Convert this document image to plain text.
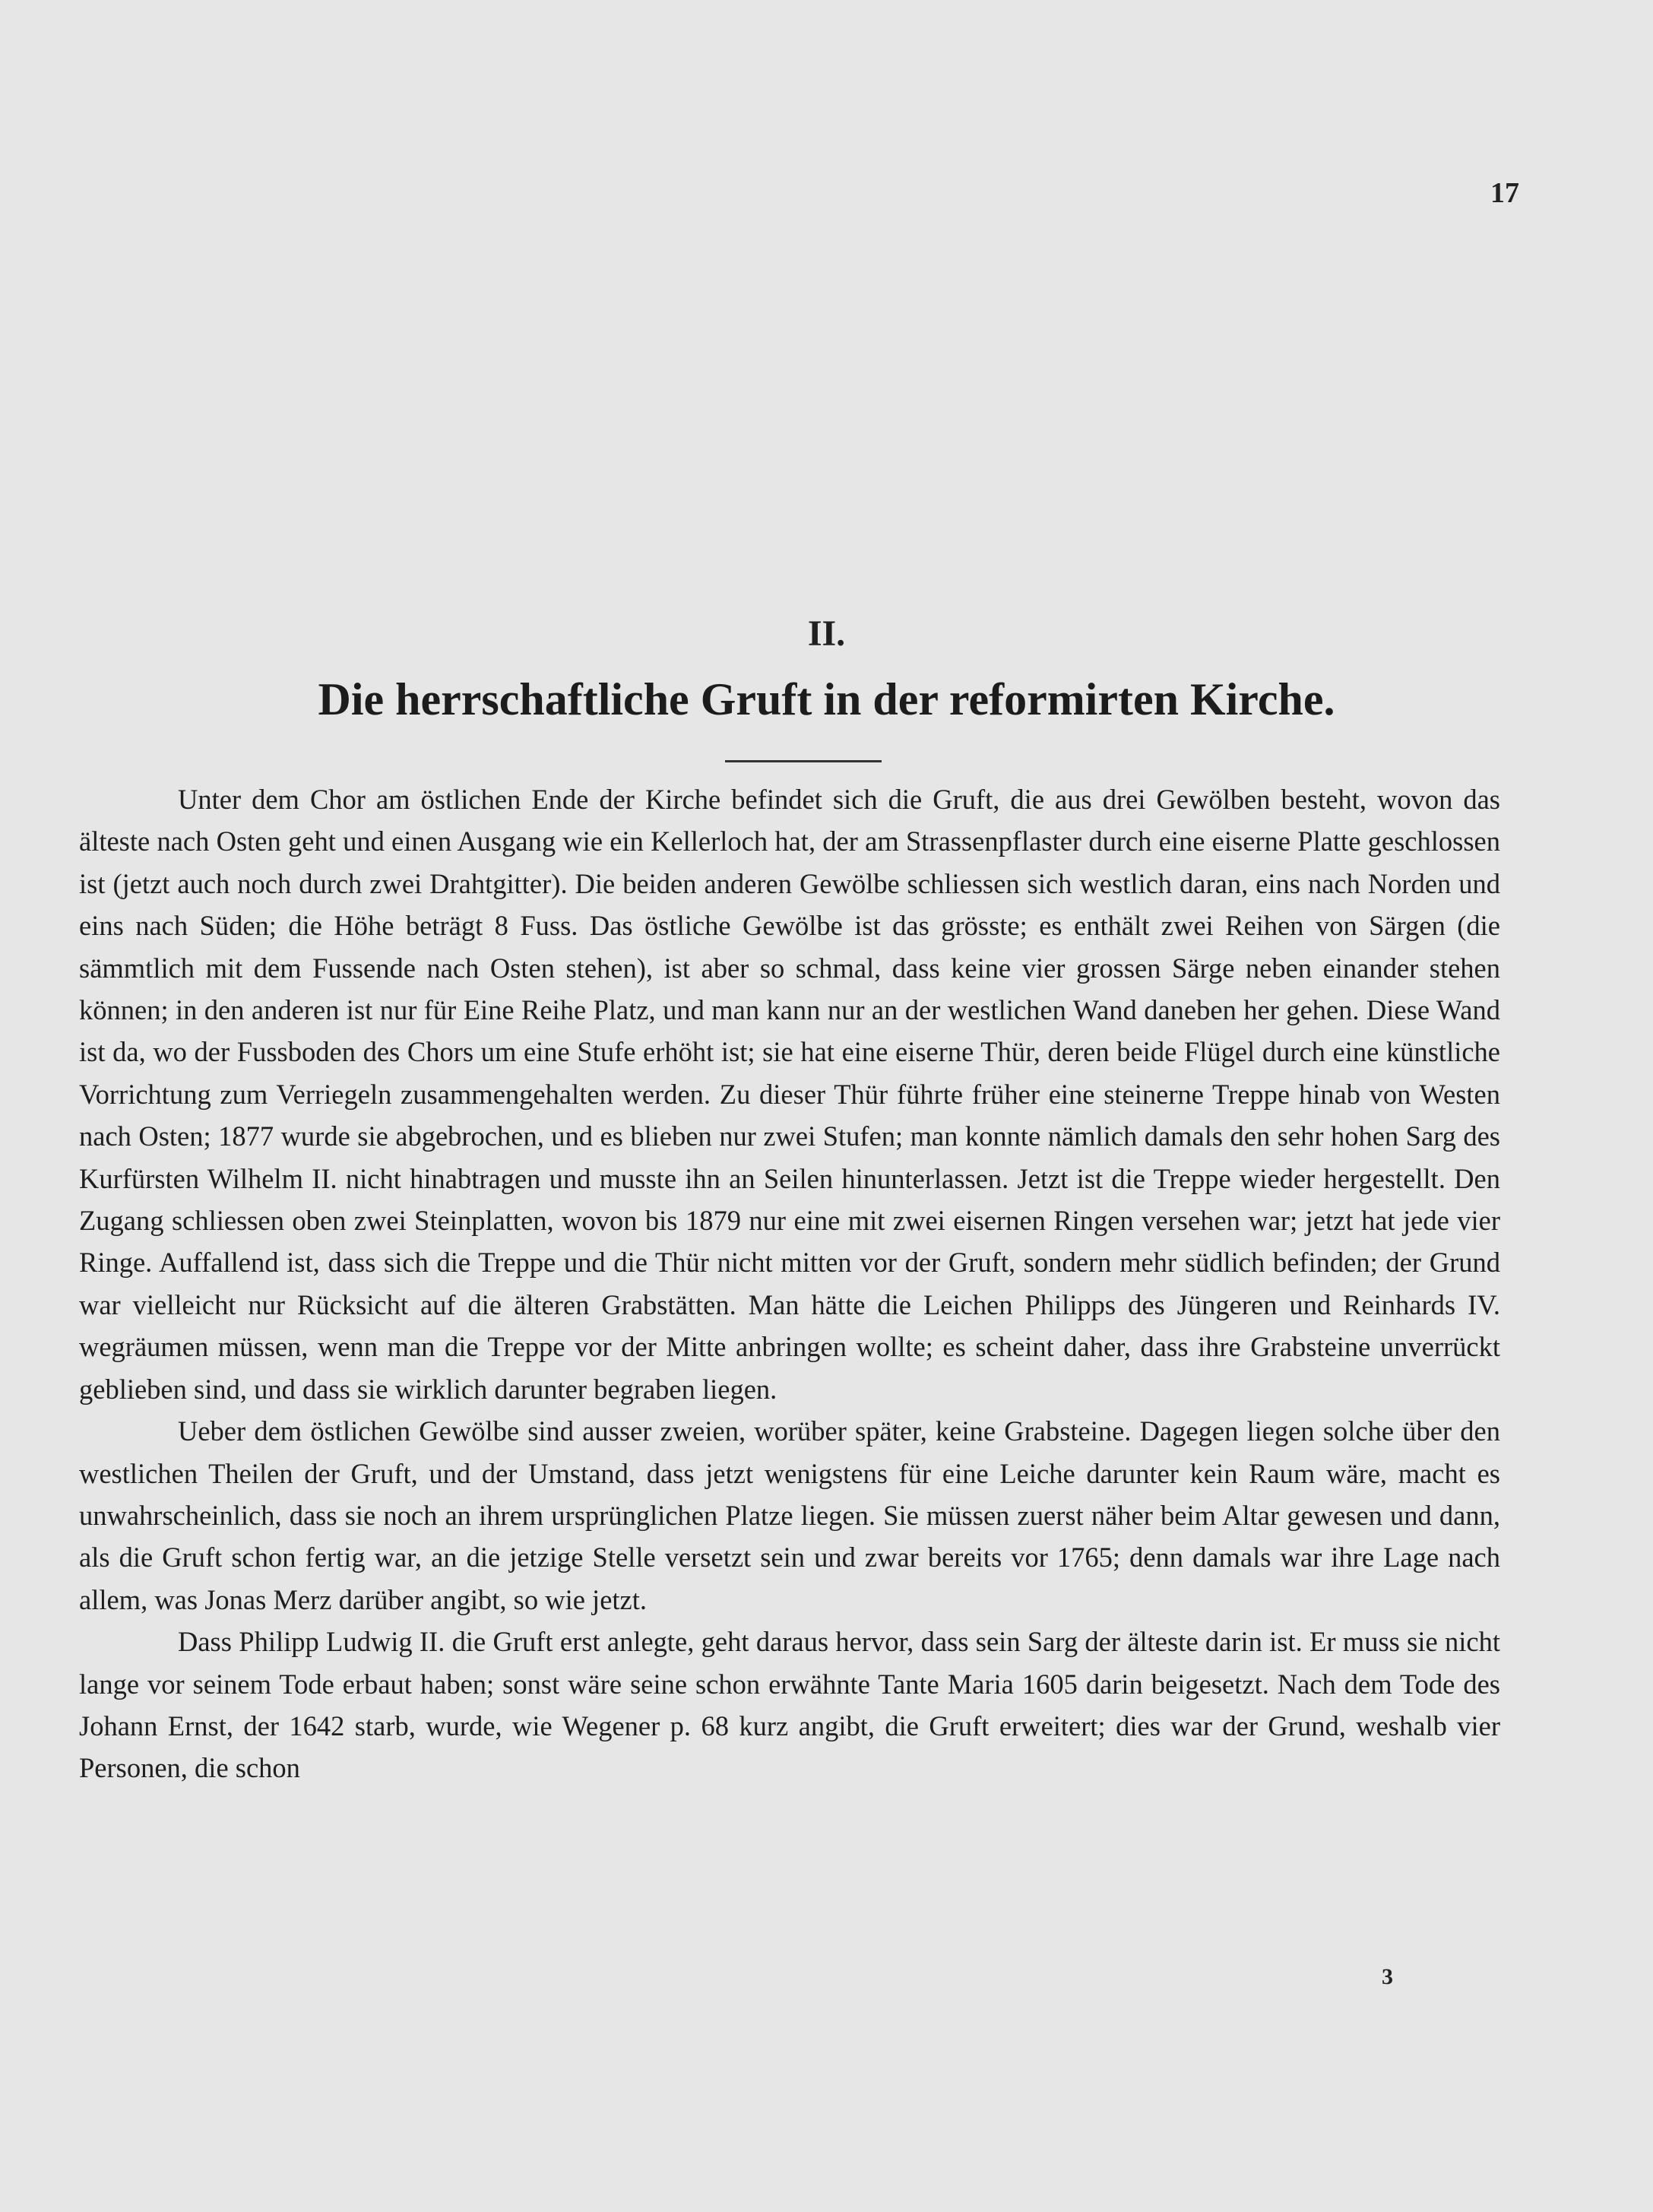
17
II.
Die herrschaftliche Gruft in der reformirten Kirche.

Unter dem Chor am östlichen Ende der Kirche befindet sich die Gruft, die aus drei Gewölben besteht, wovon das älteste nach Osten geht und einen Ausgang wie ein Kellerloch hat, der am Strassenpflaster durch eine eiserne Platte geschlossen ist (jetzt auch noch durch zwei Drahtgitter). Die beiden anderen Gewölbe schliessen sich westlich daran, eins nach Norden und eins nach Süden; die Höhe beträgt 8 Fuss. Das östliche Gewölbe ist das grösste; es enthält zwei Reihen von Särgen (die sämmtlich mit dem Fussende nach Osten stehen), ist aber so schmal, dass keine vier grossen Särge neben einander stehen können; in den anderen ist nur für Eine Reihe Platz, und man kann nur an der westlichen Wand daneben her gehen. Diese Wand ist da, wo der Fussboden des Chors um eine Stufe erhöht ist; sie hat eine eiserne Thür, deren beide Flügel durch eine künstliche Vorrichtung zum Verriegeln zusammengehalten werden. Zu dieser Thür führte früher eine steinerne Treppe hinab von Westen nach Osten; 1877 wurde sie abgebrochen, und es blieben nur zwei Stufen; man konnte nämlich damals den sehr hohen Sarg des Kurfürsten Wilhelm II. nicht hinabtragen und musste ihn an Seilen hinunterlassen. Jetzt ist die Treppe wieder hergestellt. Den Zugang schliessen oben zwei Steinplatten, wovon bis 1879 nur eine mit zwei eisernen Ringen versehen war; jetzt hat jede vier Ringe. Auffallend ist, dass sich die Treppe und die Thür nicht mitten vor der Gruft, sondern mehr südlich befinden; der Grund war vielleicht nur Rücksicht auf die älteren Grabstätten. Man hätte die Leichen Philipps des Jüngeren und Reinhards IV. wegräumen müssen, wenn man die Treppe vor der Mitte anbringen wollte; es scheint daher, dass ihre Grabsteine unverrückt geblieben sind, und dass sie wirklich darunter begraben liegen.

Ueber dem östlichen Gewölbe sind ausser zweien, worüber später, keine Grabsteine. Dagegen liegen solche über den westlichen Theilen der Gruft, und der Umstand, dass jetzt wenigstens für eine Leiche darunter kein Raum wäre, macht es unwahrscheinlich, dass sie noch an ihrem ursprünglichen Platze liegen. Sie müssen zuerst näher beim Altar gewesen und dann, als die Gruft schon fertig war, an die jetzige Stelle versetzt sein und zwar bereits vor 1765; denn damals war ihre Lage nach allem, was Jonas Merz darüber angibt, so wie jetzt.

Dass Philipp Ludwig II. die Gruft erst anlegte, geht daraus hervor, dass sein Sarg der älteste darin ist. Er muss sie nicht lange vor seinem Tode erbaut haben; sonst wäre seine schon erwähnte Tante Maria 1605 darin beigesetzt. Nach dem Tode des Johann Ernst, der 1642 starb, wurde, wie Wegener p. 68 kurz angibt, die Gruft erweitert; dies war der Grund, weshalb vier Personen, die schon

3
